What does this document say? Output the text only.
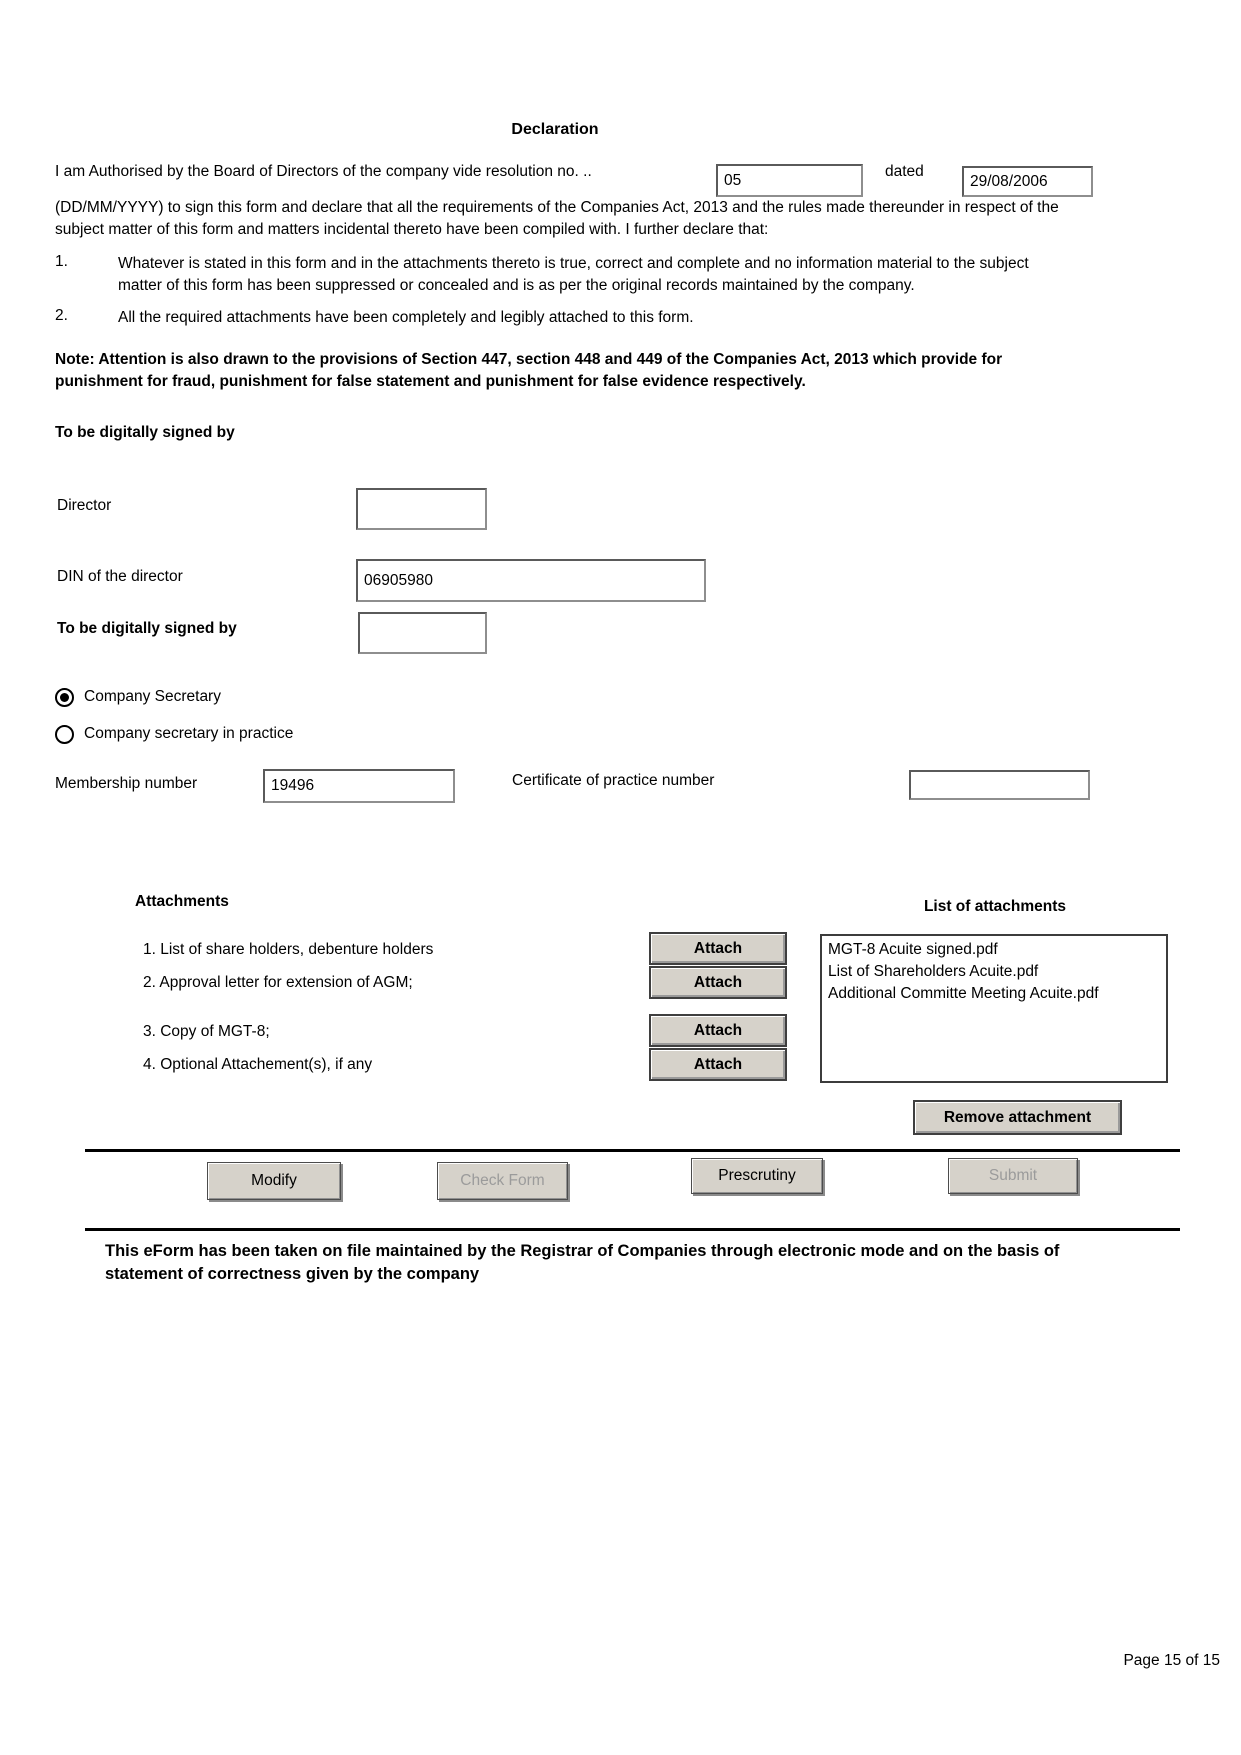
Declaration
I am Authorised by the Board of Directors of the company vide resolution no. ..
05	dated
29/08/2006
(DD/MM/YYYY) to sign this form and declare that all the requirements of the Companies Act, 2013 and the rules made thereunder in respect of the subject matter of this form and matters incidental thereto have been compiled with. I further declare that:
1.	Whatever is stated in this form and in the attachments thereto is true, correct and complete and no information material to the subject matter of this form has been suppressed or concealed and is as per the original records maintained by the company.
2.	All the required attachments have been completely and legibly attached to this form.
Note: Attention is also drawn to the provisions of Section 447, section 448 and 449 of the Companies Act, 2013 which provide for punishment for fraud, punishment for false statement and punishment for false evidence respectively.
To be digitally signed by
Director
DIN of the director
06905980
To be digitally signed by
Company Secretary
Company secretary in practice
Membership number
19496	Certificate of practice number
Attachments	List of attachments
1. List of share holders, debenture holders	Attach
2. Approval letter for extension of AGM;	Attach
3. Copy of MGT-8;	Attach
4. Optional Attachement(s), if any	Attach
MGT-8 Acuite signed.pdf
List of Shareholders Acuite.pdf
Additional Committe Meeting Acuite.pdf
Remove attachment
Modify	Check Form	Prescrutiny	Submit
This eForm has been taken on file maintained by the Registrar of Companies through electronic mode and on the basis of statement of correctness given by the company
Page 15 of 15
